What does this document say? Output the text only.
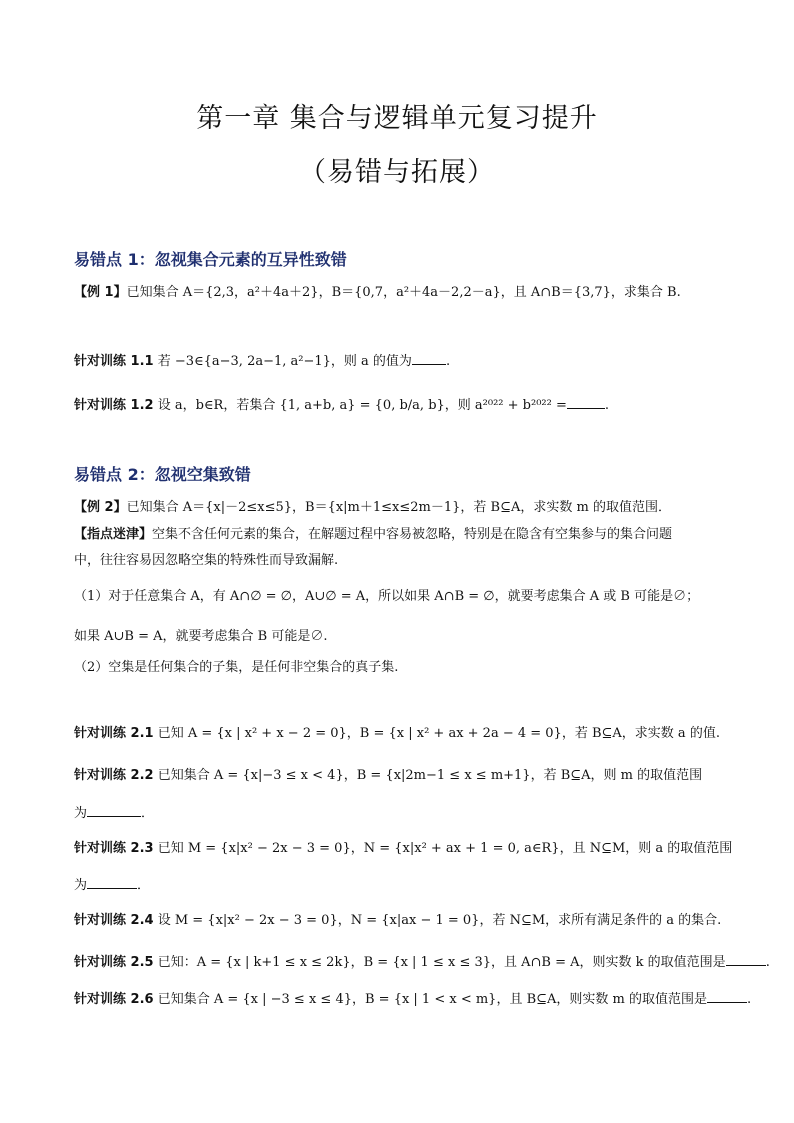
第一章 集合与逻辑单元复习提升
（易错与拓展）
易错点 1：忽视集合元素的互异性致错
【例 1】已知集合 A＝{2,3，a²＋4a＋2}，B＝{0,7，a²＋4a－2,2－a}，且 A∩B＝{3,7}，求集合 B.
针对训练 1.1 若 −3∈{a−3, 2a−1, a²−1}，则 a 的值为	.
针对训练 1.2 设 a，b∈R，若集合 {1, a+b, a} = {0, b/a, b}，则 a²⁰²² + b²⁰²² =	.
易错点 2：忽视空集致错
【例 2】已知集合 A＝{x|－2≤x≤5}，B＝{x|m＋1≤x≤2m－1}，若 B⊆A，求实数 m 的取值范围．
【指点迷津】空集不含任何元素的集合，在解题过程中容易被忽略，特别是在隐含有空集参与的集合问题
中，往往容易因忽略空集的特殊性而导致漏解.
（1）对于任意集合 A，有 A∩∅ = ∅，A∪∅ = A，所以如果 A∩B = ∅，就要考虑集合 A 或 B 可能是∅；
如果 A∪B = A，就要考虑集合 B 可能是∅.
（2）空集是任何集合的子集，是任何非空集合的真子集.
针对训练 2.1 已知 A = {x | x² + x − 2 = 0}，B = {x | x² + ax + 2a − 4 = 0}，若 B⊆A，求实数 a 的值.
针对训练 2.2 已知集合 A = {x|−3 ≤ x < 4}，B = {x|2m−1 ≤ x ≤ m+1}，若 B⊆A，则 m 的取值范围
为	．
针对训练 2.3 已知 M = {x|x² − 2x − 3 = 0}，N = {x|x² + ax + 1 = 0, a∈R}，且 N⊆M，则 a 的取值范围
为	．
针对训练 2.4 设 M = {x|x² − 2x − 3 = 0}，N = {x|ax − 1 = 0}，若 N⊆M，求所有满足条件的 a 的集合.
针对训练 2.5 已知：A = {x | k+1 ≤ x ≤ 2k}，B = {x | 1 ≤ x ≤ 3}，且 A∩B = A，则实数 k 的取值范围是	.
针对训练 2.6 已知集合 A = {x | −3 ≤ x ≤ 4}，B = {x | 1 < x < m}，且 B⊆A，则实数 m 的取值范围是	.
